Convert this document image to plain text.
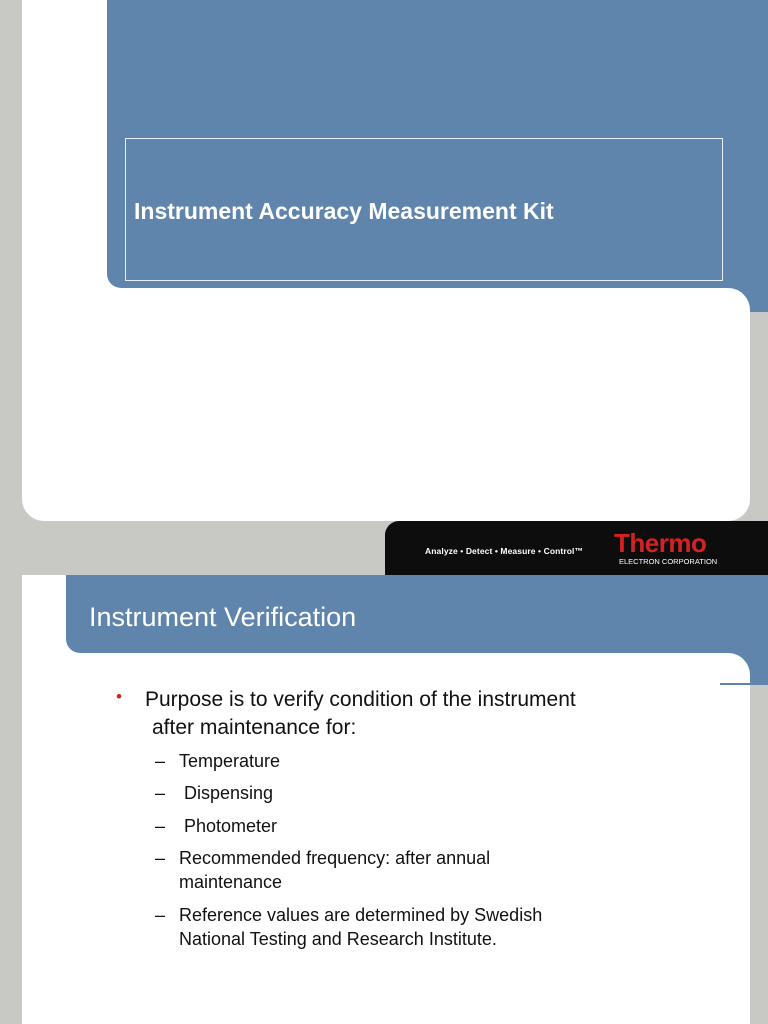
Instrument Accuracy Measurement Kit
Analyze • Detect • Measure • Control™ Thermo
ELECTRON CORPORATION
Instrument Verification
• Purpose is to verify condition of the instrument
after maintenance for:
– Temperature
– Dispensing
– Photometer
– Recommended frequency: after annual
maintenance
– Reference values are determined by Swedish
National Testing and Research Institute.
